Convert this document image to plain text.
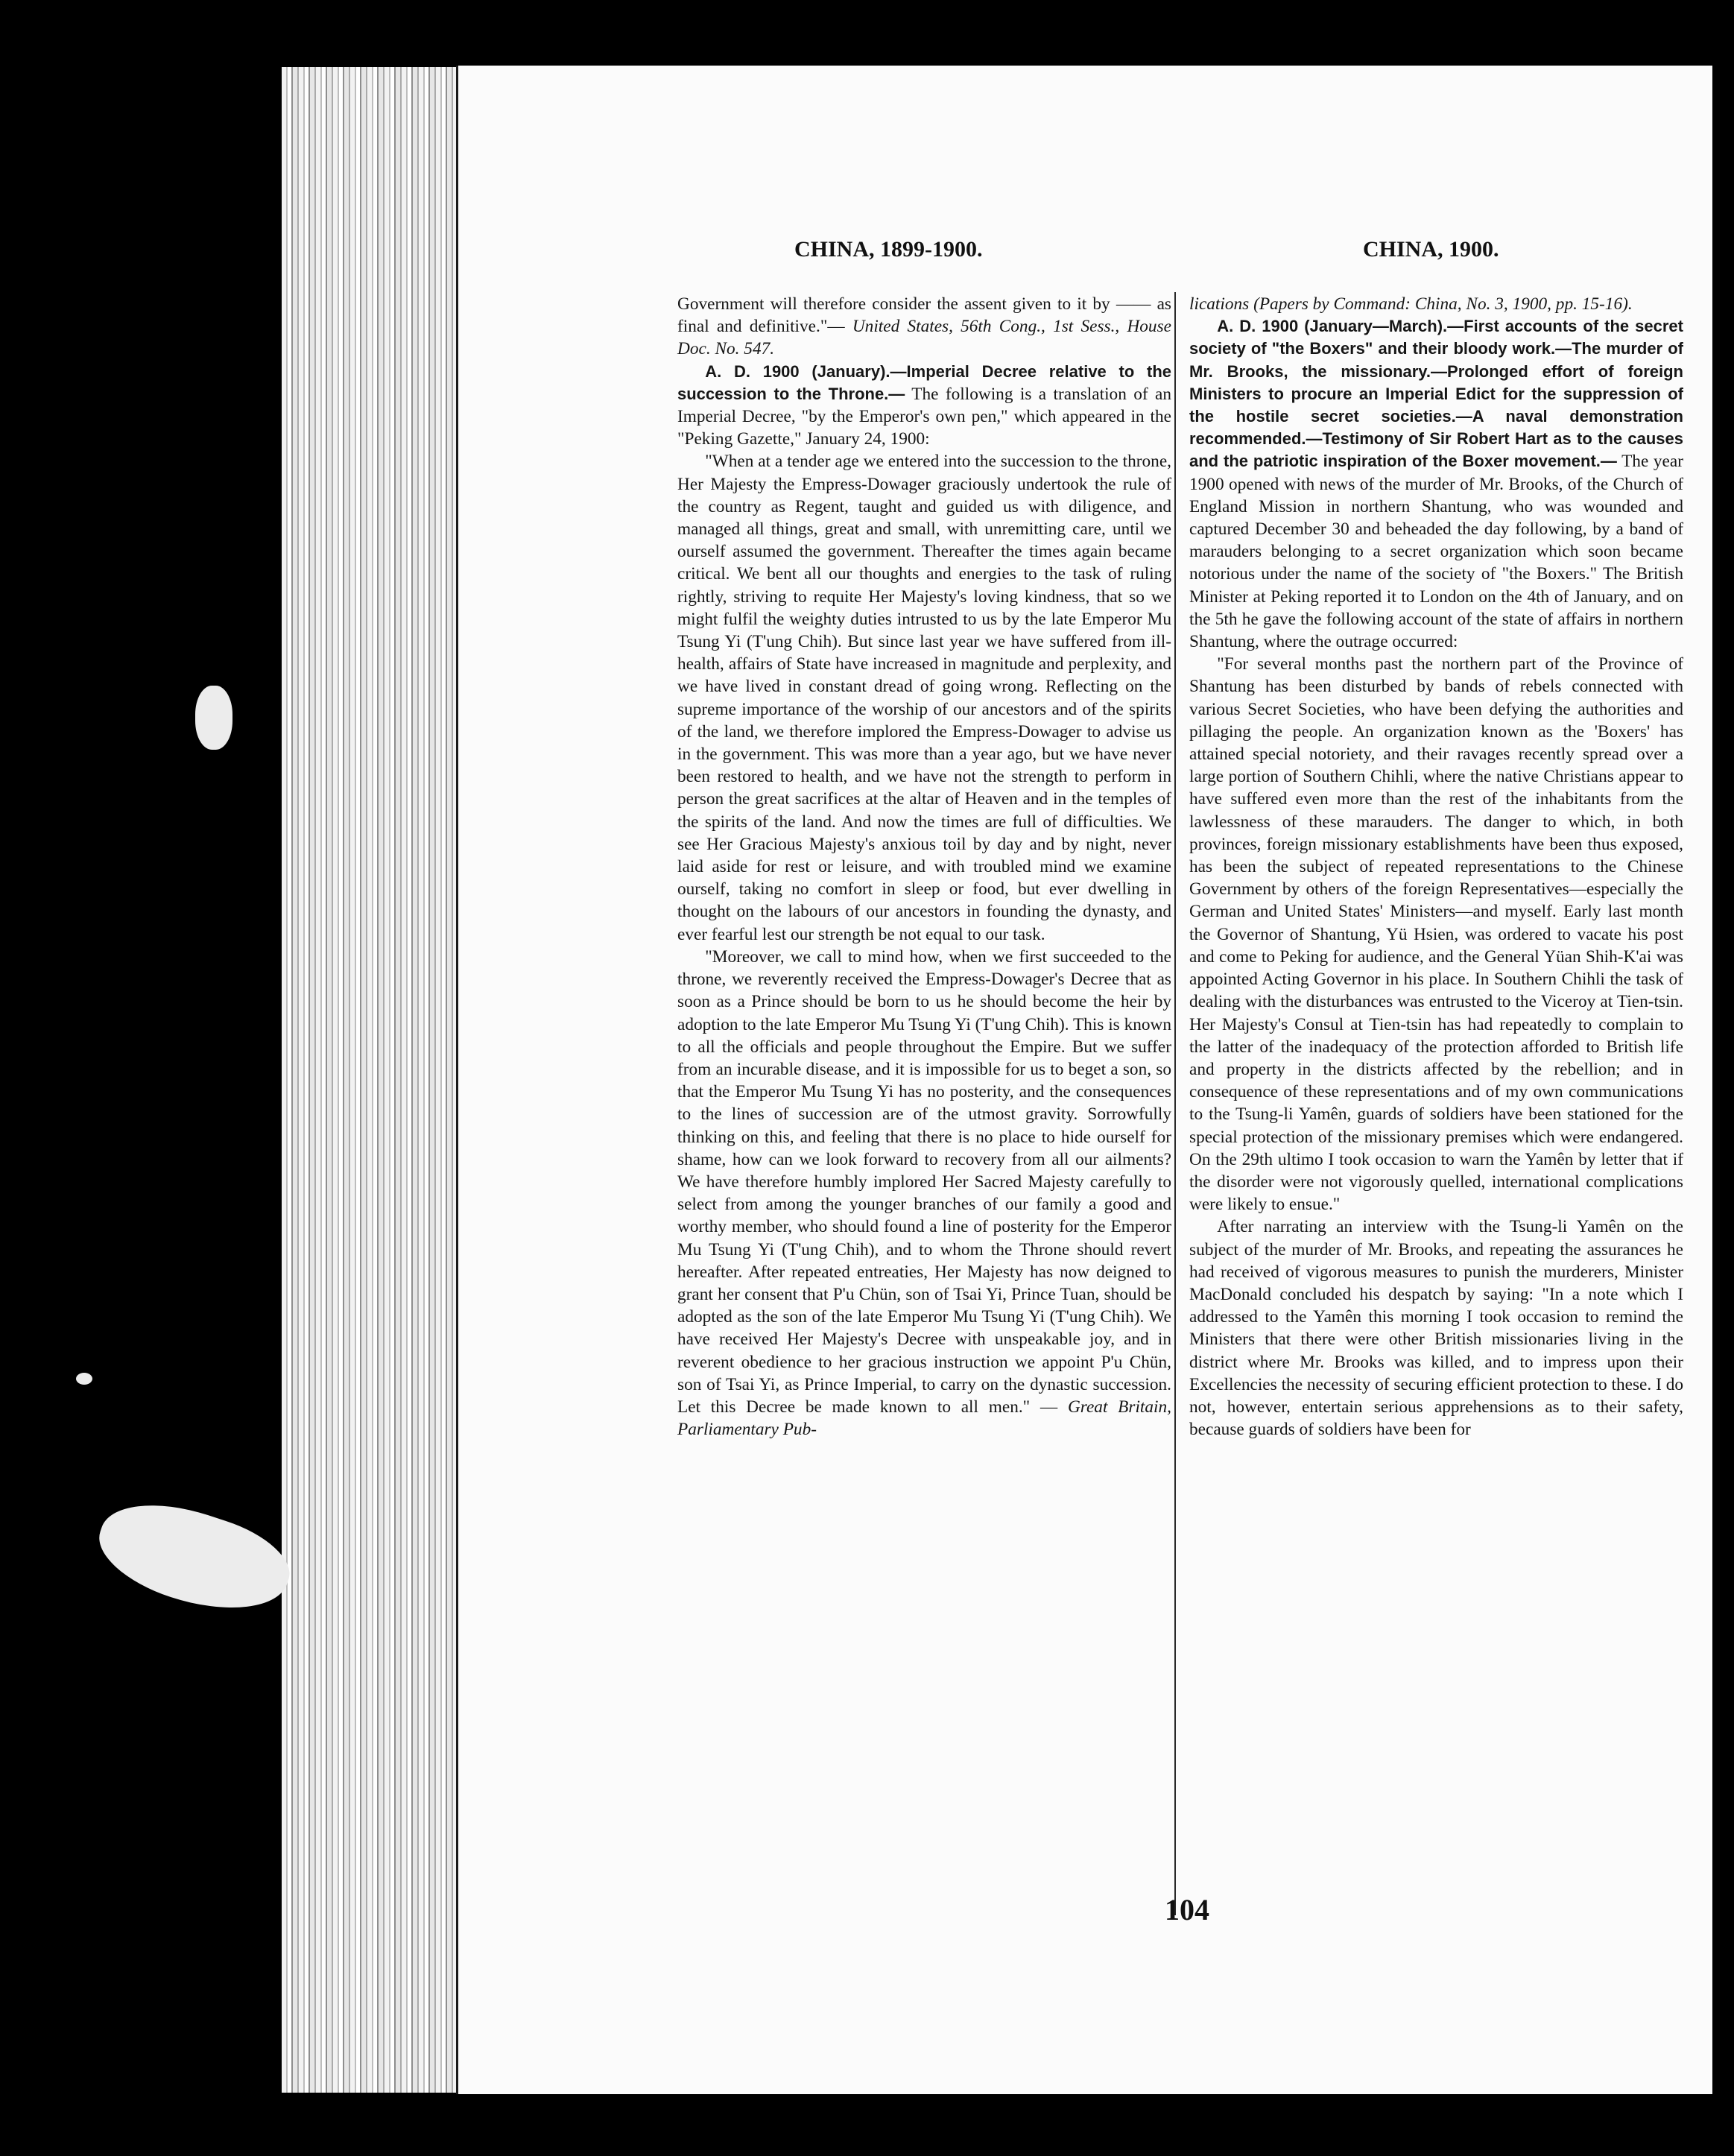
CHINA, 1899-1900.	CHINA, 1900.

Government will therefore consider the assent given to it by —— as final and definitive."— United States, 56th Cong., 1st Sess., House Doc. No. 547.

A. D. 1900 (January).—Imperial Decree relative to the succession to the Throne.— The following is a translation of an Imperial Decree, "by the Emperor's own pen," which appeared in the "Peking Gazette," January 24, 1900:

"When at a tender age we entered into the succession to the throne, Her Majesty the Empress-Dowager graciously undertook the rule of the country as Regent, taught and guided us with diligence, and managed all things, great and small, with unremitting care, until we ourself assumed the government. Thereafter the times again became critical. We bent all our thoughts and energies to the task of ruling rightly, striving to requite Her Majesty's loving kindness, that so we might fulfil the weighty duties intrusted to us by the late Emperor Mu Tsung Yi (T'ung Chih). But since last year we have suffered from ill-health, affairs of State have increased in magnitude and perplexity, and we have lived in constant dread of going wrong. Reflecting on the supreme importance of the worship of our ancestors and of the spirits of the land, we therefore implored the Empress-Dowager to advise us in the government. This was more than a year ago, but we have never been restored to health, and we have not the strength to perform in person the great sacrifices at the altar of Heaven and in the temples of the spirits of the land. And now the times are full of difficulties. We see Her Gracious Majesty's anxious toil by day and by night, never laid aside for rest or leisure, and with troubled mind we examine ourself, taking no comfort in sleep or food, but ever dwelling in thought on the labours of our ancestors in founding the dynasty, and ever fearful lest our strength be not equal to our task.

"Moreover, we call to mind how, when we first succeeded to the throne, we reverently received the Empress-Dowager's Decree that as soon as a Prince should be born to us he should become the heir by adoption to the late Emperor Mu Tsung Yi (T'ung Chih). This is known to all the officials and people throughout the Empire. But we suffer from an incurable disease, and it is impossible for us to beget a son, so that the Emperor Mu Tsung Yi has no posterity, and the consequences to the lines of succession are of the utmost gravity. Sorrowfully thinking on this, and feeling that there is no place to hide ourself for shame, how can we look forward to recovery from all our ailments? We have therefore humbly implored Her Sacred Majesty carefully to select from among the younger branches of our family a good and worthy member, who should found a line of posterity for the Emperor Mu Tsung Yi (T'ung Chih), and to whom the Throne should revert hereafter. After repeated entreaties, Her Majesty has now deigned to grant her consent that P'u Chün, son of Tsai Yi, Prince Tuan, should be adopted as the son of the late Emperor Mu Tsung Yi (T'ung Chih). We have received Her Majesty's Decree with unspeakable joy, and in reverent obedience to her gracious instruction we appoint P'u Chün, son of Tsai Yi, as Prince Imperial, to carry on the dynastic succession. Let this Decree be made known to all men." — Great Britain, Parliamentary Pub-

lications (Papers by Command: China, No. 3, 1900, pp. 15-16).

A. D. 1900 (January—March).—First accounts of the secret society of "the Boxers" and their bloody work.—The murder of Mr. Brooks, the missionary.—Prolonged effort of foreign Ministers to procure an Imperial Edict for the suppression of the hostile secret societies.—A naval demonstration recommended.—Testimony of Sir Robert Hart as to the causes and the patriotic inspiration of the Boxer movement.— The year 1900 opened with news of the murder of Mr. Brooks, of the Church of England Mission in northern Shantung, who was wounded and captured December 30 and beheaded the day following, by a band of marauders belonging to a secret organization which soon became notorious under the name of the society of "the Boxers." The British Minister at Peking reported it to London on the 4th of January, and on the 5th he gave the following account of the state of affairs in northern Shantung, where the outrage occurred:

"For several months past the northern part of the Province of Shantung has been disturbed by bands of rebels connected with various Secret Societies, who have been defying the authorities and pillaging the people. An organization known as the 'Boxers' has attained special notoriety, and their ravages recently spread over a large portion of Southern Chihli, where the native Christians appear to have suffered even more than the rest of the inhabitants from the lawlessness of these marauders. The danger to which, in both provinces, foreign missionary establishments have been thus exposed, has been the subject of repeated representations to the Chinese Government by others of the foreign Representatives—especially the German and United States' Ministers—and myself. Early last month the Governor of Shantung, Yü Hsien, was ordered to vacate his post and come to Peking for audience, and the General Yüan Shih-K'ai was appointed Acting Governor in his place. In Southern Chihli the task of dealing with the disturbances was entrusted to the Viceroy at Tien-tsin. Her Majesty's Consul at Tien-tsin has had repeatedly to complain to the latter of the inadequacy of the protection afforded to British life and property in the districts affected by the rebellion; and in consequence of these representations and of my own communications to the Tsung-li Yamên, guards of soldiers have been stationed for the special protection of the missionary premises which were endangered. On the 29th ultimo I took occasion to warn the Yamên by letter that if the disorder were not vigorously quelled, international complications were likely to ensue."

After narrating an interview with the Tsung-li Yamên on the subject of the murder of Mr. Brooks, and repeating the assurances he had received of vigorous measures to punish the murderers, Minister MacDonald concluded his despatch by saying: "In a note which I addressed to the Yamên this morning I took occasion to remind the Ministers that there were other British missionaries living in the district where Mr. Brooks was killed, and to impress upon their Excellencies the necessity of securing efficient protection to these. I do not, however, entertain serious apprehensions as to their safety, because guards of soldiers have been for

104
